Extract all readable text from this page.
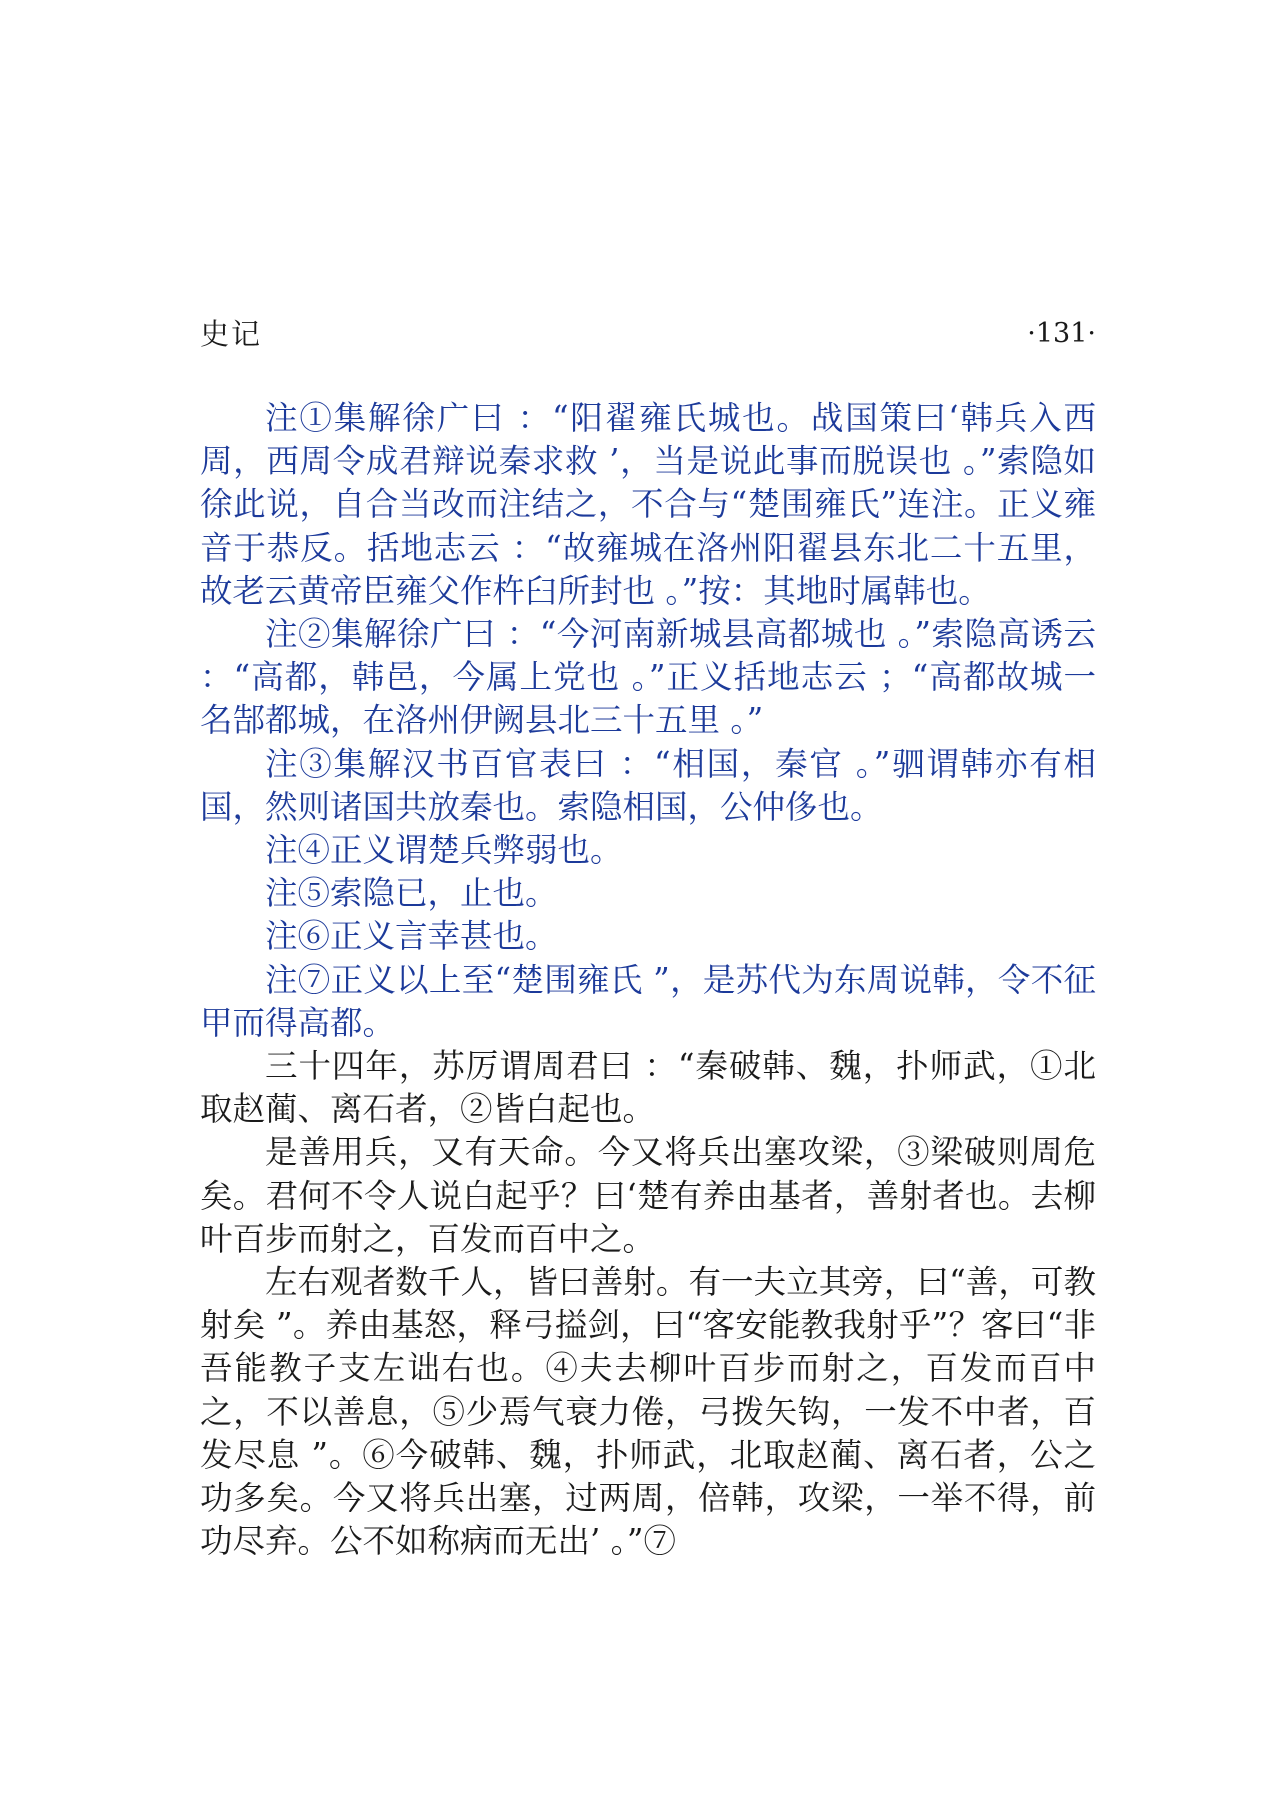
史记	·131·

注①集解徐广曰 ：“阳翟雍氏城也。战国策曰‘韩兵入西周，西周令成君辩说秦求救 ’，当是说此事而脱误也 。”索隐如徐此说，自合当改而注结之，不合与“楚围雍氏”连注。正义雍音于恭反。括地志云 ：“故雍城在洛州阳翟县东北二十五里，故老云黄帝臣雍父作杵臼所封也 。”按：其地时属韩也。

注②集解徐广曰 ：“今河南新城县高都城也 。”索隐高诱云 ：“高都，韩邑，今属上党也 。”正义括地志云 ；“高都故城一名郜都城，在洛州伊阙县北三十五里 。”

注③集解汉书百官表曰 ：“相国，秦官 。”驷谓韩亦有相国，然则诸国共放秦也。索隐相国，公仲侈也。

注④正义谓楚兵弊弱也。

注⑤索隐已，止也。

注⑥正义言幸甚也。

注⑦正义以上至“楚围雍氏 ”，是苏代为东周说韩，令不征甲而得高都。

三十四年，苏厉谓周君曰 ：“秦破韩、魏，扑师武，①北取赵蔺、离石者，②皆白起也。

是善用兵，又有天命。今又将兵出塞攻梁，③梁破则周危矣。君何不令人说白起乎？曰‘楚有养由基者，善射者也。去柳叶百步而射之，百发而百中之。

左右观者数千人，皆曰善射。有一夫立其旁，曰“善，可教射矣 ”。养由基怒，释弓搤剑，曰“客安能教我射乎”？客曰“非吾能教子支左诎右也。④夫去柳叶百步而射之，百发而百中之，不以善息，⑤少焉气衰力倦，弓拨矢钩，一发不中者，百发尽息 ”。⑥今破韩、魏，扑师武，北取赵蔺、离石者，公之功多矣。今又将兵出塞，过两周，倍韩，攻梁，一举不得，前功尽弃。公不如称病而无出’ 。”⑦
